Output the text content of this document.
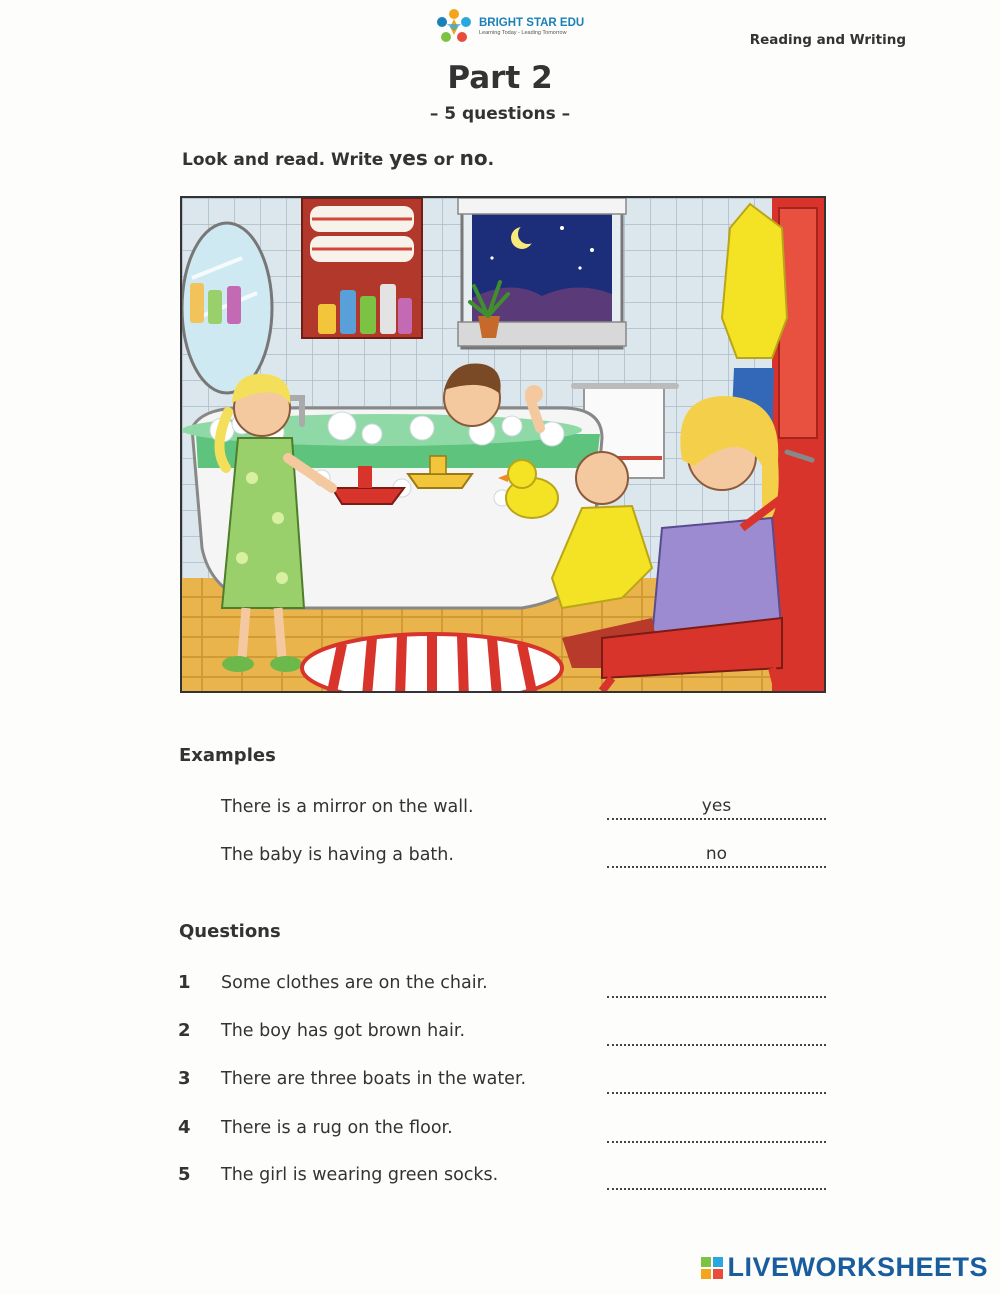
BRIGHT STAR EDU
Learning Today - Leading Tomorrow	Reading and Writing
Part 2
– 5 questions –
Look and read. Write yes or no.
Examples
There is a mirror on the wall.	yes
The baby is having a bath.	no
Questions
1 Some clothes are on the chair.
2 The boy has got brown hair.
3 There are three boats in the water.
4 There is a rug on the floor.
5 The girl is wearing green socks.
LIVEWORKSHEETS
